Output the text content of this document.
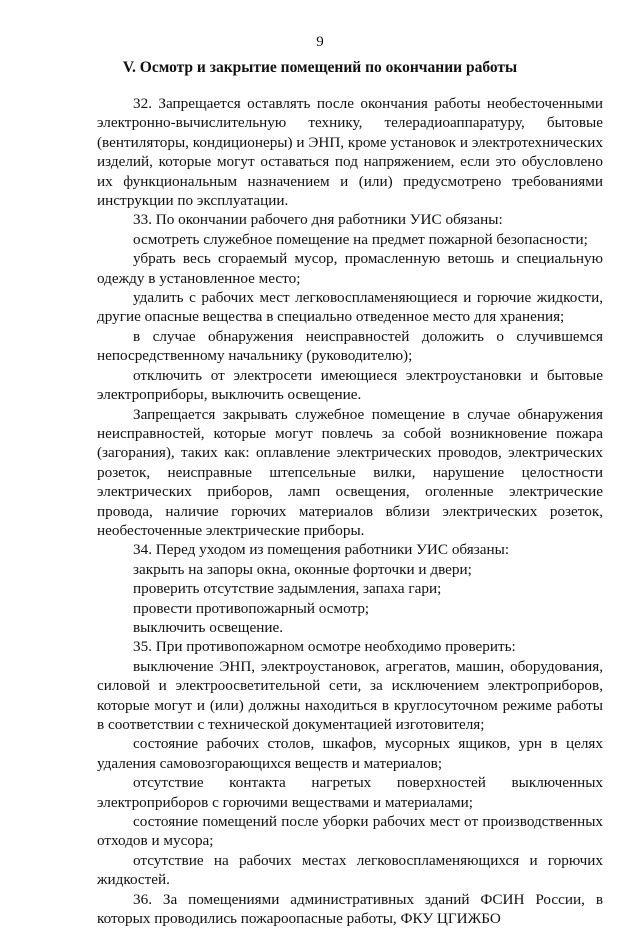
9
V. Осмотр и закрытие помещений по окончании работы

32. Запрещается оставлять после окончания работы необесточенными электронно-вычислительную технику, телерадиоаппаратуру, бытовые (вентиляторы, кондиционеры) и ЭНП, кроме установок и электротехнических изделий, которые могут оставаться под напряжением, если это обусловлено их функциональным назначением и (или) предусмотрено требованиями инструкции по эксплуатации.

33. По окончании рабочего дня работники УИС обязаны:

осмотреть служебное помещение на предмет пожарной безопасности;

убрать весь сгораемый мусор, промасленную ветошь и специальную одежду в установленное место;

удалить с рабочих мест легковоспламеняющиеся и горючие жидкости, другие опасные вещества в специально отведенное место для хранения;

в случае обнаружения неисправностей доложить о случившемся непосредственному начальнику (руководителю);

отключить от электросети имеющиеся электроустановки и бытовые электроприборы, выключить освещение.

Запрещается закрывать служебное помещение в случае обнаружения неисправностей, которые могут повлечь за собой возникновение пожара (загорания), таких как: оплавление электрических проводов, электрических розеток, неисправные штепсельные вилки, нарушение целостности электрических приборов, ламп освещения, оголенные электрические провода, наличие горючих материалов вблизи электрических розеток, необесточенные электрические приборы.

34. Перед уходом из помещения работники УИС обязаны:

закрыть на запоры окна, оконные форточки и двери;

проверить отсутствие задымления, запаха гари;

провести противопожарный осмотр;

выключить освещение.

35. При противопожарном осмотре необходимо проверить:

выключение ЭНП, электроустановок, агрегатов, машин, оборудования, силовой и электроосветительной сети, за исключением электроприборов, которые могут и (или) должны находиться в круглосуточном режиме работы в соответствии с технической документацией изготовителя;

состояние рабочих столов, шкафов, мусорных ящиков, урн в целях удаления самовозгорающихся веществ и материалов;

отсутствие контакта нагретых поверхностей выключенных электроприборов с горючими веществами и материалами;

состояние помещений после уборки рабочих мест от производственных отходов и мусора;

отсутствие на рабочих местах легковоспламеняющихся и горючих жидкостей.

36. За помещениями административных зданий ФСИН России, в которых проводились пожароопасные работы, ФКУ ЦГИЖБО
